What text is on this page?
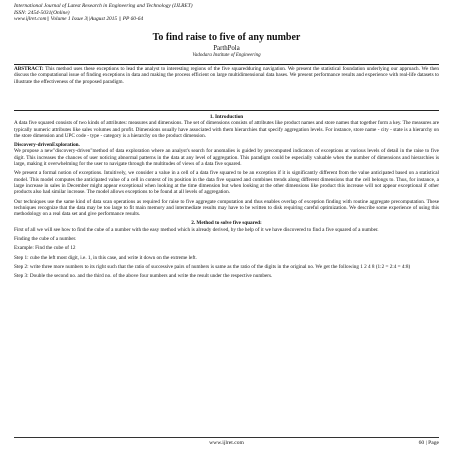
International Journal of Latest Research in Engineering and Technology (IJLRET)
ISSN: 2454-5031(Online)
www.ijlret.com|| Volume 1 Issue 3||August 2015 || PP 60-64
To find raise to five of any number
ParthPola
Vadodara Institute of Engineering
ABSTRACT: This method uses these exceptions to lead the analyst to interesting regions of the five squaredduring navigation. We present the statistical foundation underlying our approach. We then discuss the computational issue of finding exceptions in data and making the process efficient on large multidimensional data bases. We present performance results and experience with real-life datasets to illustrate the effectiveness of the proposed paradigm.

1. Introduction

A data five squared consists of two kinds of attributes: measures and dimensions. The set of dimensions consists of attributes like product names and store names that together form a key. The measures are typically numeric attributes like sales volumes and profit. Dimensions usually have associated with them hierarchies that specify aggregation levels. For instance, store name - city - state is a hierarchy on the store dimension and UPC code - type - category is a hierarchy on the product dimension.

Discovery-drivenExploration.

We propose a new"discovery-driven"method of data exploration where an analyst's search for anomalies is guided by precomputed indicators of exceptions at various levels of detail in the raise to five digit. This increases the chances of user noticing abnormal patterns in the data at any level of aggregation. This paradigm could be especially valuable when the number of dimensions and hierarchies is large, making it overwhelming for the user to navigate through the multitudes of views of a data five squared.

We present a formal notion of exceptions. Intuitively, we consider a value in a cell of a data five squared to be an exception if it is significantly different from the value anticipated based on a statistical model. This model computes the anticipated value of a cell in context of its position in the data five squared and combines trends along different dimensions that the cell belongs to. Thus, for instance, a large increase in sales in December might appear exceptional when looking at the time dimension but when looking at the other dimensions like product this increase will not appear exceptional if other products also had similar increase. The model allows exceptions to be found at all levels of aggregation.

Our techniques use the same kind of data scan operations as required for raise to five aggregate computation and thus enables overlap of exception finding with routine aggregate precomputation. These techniques recognize that the data may be too large to fit main memory and intermediate results may have to be written to disk requiring careful optimization. We describe some experience of using this methodology on a real data set and give performance results.

2. Method to solve five squared:

First of all we will see how to find the cube of a number with the easy method which is already derived, by the help of it we have discovered to find a five squared of a number.

Finding the cube of a number.

Example: Find the cube of 12

Step 1: cube the left most digit, i.e. 1, in this case, and write it down on the extreme left.

Step 2: write three more numbers to its right such that the ratio of successive pairs of numbers is same as the ratio of the digits in the original no. We get the following 1 2 4 8 (1:2 = 2:4 = 4:8)

Step 3: Double the second no. and the third no. of the above four numbers and write the result under the respective numbers.

www.ijlret.com	60 | Page
